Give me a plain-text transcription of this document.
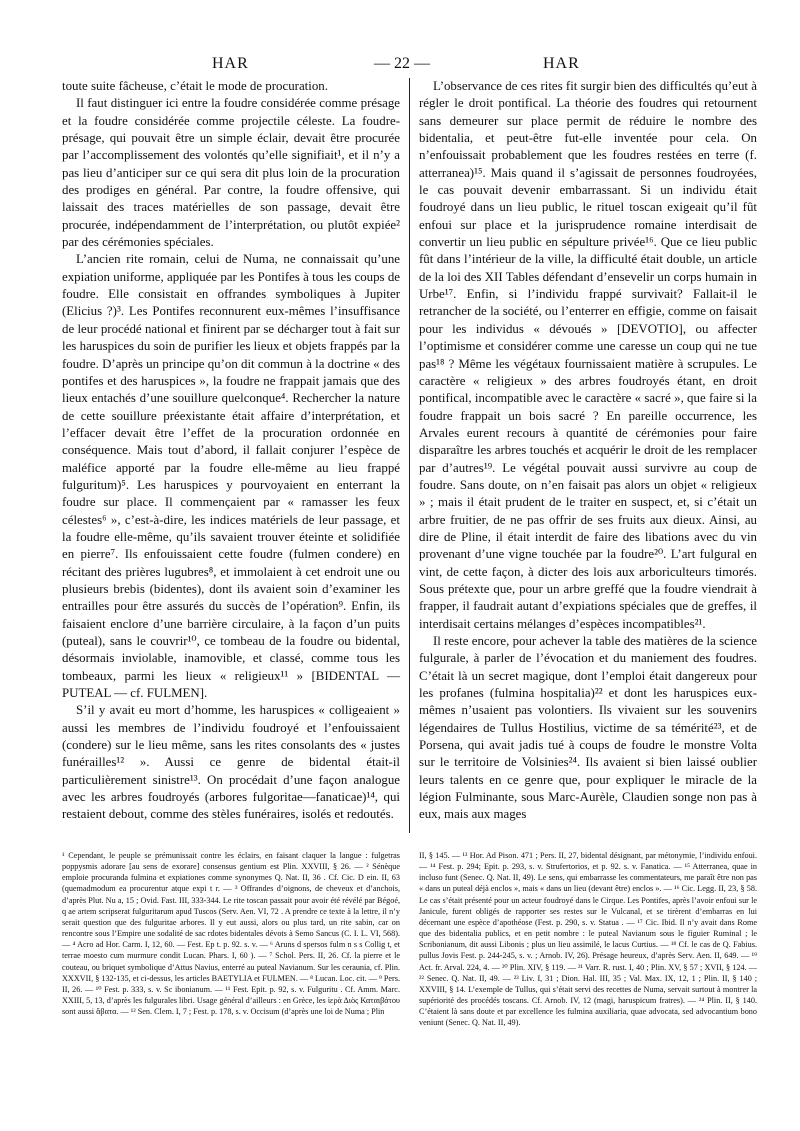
HAR	— 22 —	HAR

toute suite fâcheuse, c’était le mode de procuration.

Il faut distinguer ici entre la foudre considérée comme présage et la foudre considérée comme projectile céleste. La foudre-présage, qui pouvait être un simple éclair, devait être procurée par l’accomplissement des volontés qu’elle signifiait¹, et il n’y a pas lieu d’anticiper sur ce qui sera dit plus loin de la procuration des prodiges en général. Par contre, la foudre offensive, qui laissait des traces matérielles de son passage, devait être procurée, indépendamment de l’interprétation, ou plutôt expiée² par des cérémonies spéciales.

L’ancien rite romain, celui de Numa, ne connaissait qu’une expiation uniforme, appliquée par les Pontifes à tous les coups de foudre. Elle consistait en offrandes symboliques à Jupiter (Elicius ?)³. Les Pontifes reconnurent eux-mêmes l’insuffisance de leur procédé national et finirent par se décharger tout à fait sur les haruspices du soin de purifier les lieux et objets frappés par la foudre. D’après un principe qu’on dit commun à la doctrine « des pontifes et des haruspices », la foudre ne frappait jamais que des lieux entachés d’une souillure quelconque⁴. Rechercher la nature de cette souillure préexistante était affaire d’interprétation, et l’effacer devait être l’effet de la procuration ordonnée en conséquence. Mais tout d’abord, il fallait conjurer l’espèce de maléfice apporté par la foudre elle-même au lieu frappé fulguritum)⁵. Les haruspices y pourvoyaient en enterrant la foudre sur place. Il commençaient par « ramasser les feux célestes⁶ », c’est-à-dire, les indices matériels de leur passage, et la foudre elle-même, qu’ils savaient trouver éteinte et solidifiée en pierre⁷. Ils enfouissaient cette foudre (fulmen condere) en récitant des prières lugubres⁸, et immolaient à cet endroit une ou plusieurs brebis (bidentes), dont ils avaient soin d’examiner les entrailles pour être assurés du succès de l’opération⁹. Enfin, ils faisaient enclore d’une barrière circulaire, à la façon d’un puits (puteal), sans le couvrir¹⁰, ce tombeau de la foudre ou bidental, désormais inviolable, inamovible, et classé, comme tous les tombeaux, parmi les lieux « religieux¹¹ » [BIDENTAL — PUTEAL — cf. FULMEN].

S’il y avait eu mort d’homme, les haruspices « colligeaient » aussi les membres de l’individu foudroyé et l’enfouissaient (condere) sur le lieu même, sans les rites consolants des « justes funérailles¹² ». Aussi ce genre de bidental était-il particulièrement sinistre¹³. On procédait d’une façon analogue avec les arbres foudroyés (arbores fulgoritae—fanaticae)¹⁴, qui restaient debout, comme des stèles funéraires, isolés et redoutés.

L’observance de ces rites fit surgir bien des difficultés qu’eut à régler le droit pontifical. La théorie des foudres qui retournent sans demeurer sur place permit de réduire le nombre des bidentalia, et peut-être fut-elle inventée pour cela. On n’enfouissait probablement que les foudres restées en terre (f. atterranea)¹⁵. Mais quand il s’agissait de personnes foudroyées, le cas pouvait devenir embarrassant. Si un individu était foudroyé dans un lieu public, le rituel toscan exigeait qu’il fût enfoui sur place et la jurisprudence romaine interdisait de convertir un lieu public en sépulture privée¹⁶. Que ce lieu public fût dans l’intérieur de la ville, la difficulté était double, un article de la loi des XII Tables défendant d’ensevelir un corps humain in Urbe¹⁷. Enfin, si l’individu frappé survivait? Fallait-il le retrancher de la société, ou l’enterrer en effigie, comme on faisait pour les individus « dévoués » [DEVOTIO], ou affecter l’optimisme et considérer comme une caresse un coup qui ne tue pas¹⁸ ? Même les végétaux fournissaient matière à scrupules. Le caractère « religieux » des arbres foudroyés étant, en droit pontifical, incompatible avec le caractère « sacré », que faire si la foudre frappait un bois sacré ? En pareille occurrence, les Arvales eurent recours à quantité de cérémonies pour faire disparaître les arbres touchés et acquérir le droit de les remplacer par d’autres¹⁹. Le végétal pouvait aussi survivre au coup de foudre. Sans doute, on n’en faisait pas alors un objet « religieux » ; mais il était prudent de le traiter en suspect, et, si c’était un arbre fruitier, de ne pas offrir de ses fruits aux dieux. Ainsi, au dire de Pline, il était interdit de faire des libations avec du vin provenant d’une vigne touchée par la foudre²⁰. L’art fulgural en vint, de cette façon, à dicter des lois aux arboriculteurs timorés. Sous prétexte que, pour un arbre greffé que la foudre viendrait à frapper, il faudrait autant d’expiations spéciales que de greffes, il interdisait certains mélanges d’espèces incompatibles²¹.

Il reste encore, pour achever la table des matières de la science fulgurale, à parler de l’évocation et du maniement des foudres. C’était là un secret magique, dont l’emploi était dangereux pour les profanes (fulmina hospitalia)²² et dont les haruspices eux-mêmes n’usaient pas volontiers. Ils vivaient sur les souvenirs légendaires de Tullus Hostilius, victime de sa témérité²³, et de Porsena, qui avait jadis tué à coups de foudre le monstre Volta sur le territoire de Volsinies²⁴. Ils avaient si bien laissé oublier leurs talents en ce genre que, pour expliquer le miracle de la légion Fulminante, sous Marc-Aurèle, Claudien songe non pas à eux, mais aux mages

¹ Cependant, le peuple se prémunissait contre les éclairs, en faisant claquer la langue : fulgetras poppysmis adorare [au sens de exorare] consensus gentium est Plin. XXVIII, § 26. — ² Sénèque emploie procuranda fulmina et expiationes comme synonymes Q. Nat. II, 36 . Cf. Cic. D ein. II, 63 (quemadmodum ea procurentur atque expi t r. — ³ Offrandes d’oignons, de cheveux et d’anchois, d’après Plut. Nu a, 15 ; Ovid. Fast. III, 333-344. Le rite toscan passait pour avoir été révélé par Bégoé, q ae artem scripserat fulguritarum apud Tuscos (Serv. Aen. VI, 72 . A prendre ce texte à la lettre, il n’y serait question que des fulguritae arbores. Il y eut aussi, alors ou plus tard, un rite sabin, car on rencontre sous l’Empire une sodalité de sac rdotes bidentales dévots à Semo Sancus (C. I. L. VI, 568). — ⁴ Acro ad Hor. Carm. I, 12, 60. — Fest. Ep t. p. 92. s. v. — ⁶ Aruns d spersos fulm n s s Collig t, et terrae moesto cum murmure condit Lucan. Phars. I, 60 ). — ⁷ Schol. Pers. II, 26. Cf. la pierre et le couteau, ou briquet symbolique d’Attus Navius, enterré au puteal Navianum. Sur les ceraunia, cf. Plin. XXXVII, § 132-135, et ci-dessus, les articles BAETYLIA et FULMEN. — ⁸ Lucan. Loc. cit. — ⁹ Pers. II, 26. — ¹⁰ Fest. p. 333, s. v. Sc ibonianum. — ¹¹ Fest. Epit. p. 92, s. v. Fulguritu . Cf. Amm. Marc. XXIII, 5, 13, d’après les fulgurales libri. Usage général d’ailleurs : en Grèce, les ἱερὰ Διὸς Καταιβάτου sont aussi ἄβατα. — ¹² Sen. Clem. I, 7 ; Fest. p. 178, s. v. Occisum (d’après une loi de Numa ; Plin

II, § 145. — ¹³ Hor. Ad Pison. 471 ; Pers. II, 27, bidental désignant, par métonymie, l’individu enfoui. — ¹⁴ Fest. p. 294; Epit. p. 293, s. v. Strufertorios, et p. 92. s. v. Fanatica. — ¹⁵ Atterranea, quae in incluso funt (Senec. Q. Nat. II, 49). Le sens, qui embarrasse les commentateurs, me paraît être non pas « dans un puteal déjà enclos », mais « dans un lieu (devant être) enclos ». — ¹⁶ Cic. Legg. II, 23, § 58. Le cas s’était présenté pour un acteur foudroyé dans le Cirque. Les Pontifes, après l’avoir enfoui sur le Janicule, furent obligés de rapporter ses restes sur le Vulcanal, et se tirèrent d’embarras en lui décernant une espèce d’apothéose (Fest. p. 290, s. v. Statua . — ¹⁷ Cic. Ibid. Il n’y avait dans Rome que des bidentalia publics, et en petit nombre : le puteal Navianum sous le figuier Ruminal ; le Scribonianum, dit aussi Libonis ; plus un lieu assimilé, le lacus Curtius. — ¹⁸ Cf. le cas de Q. Fabius. pullus Jovis Fest. p. 244-245, s. v. ; Arnob. IV, 26). Présage heureux, d’après Serv. Aen. II, 649. — ¹⁹ Act. fr. Arval. 224, 4. — ²⁰ Plin. XIV, § 119. — ²¹ Varr. R. rust. I, 40 ; Plin. XV, § 57 ; XVII, § 124. — ²² Senec. Q. Nat. II, 49. — ²³ Liv. I, 31 ; Dion. Hal. III, 35 ; Val. Max. IX, 12, 1 ; Plin. II, § 140 ; XXVIII, § 14. L’exemple de Tullus, qui s’était servi des recettes de Numa, servait surtout à montrer la supériorité des procédés toscans. Cf. Arnob. IV, 12 (magi, haruspicum fratres). — ²⁴ Plin. II, § 140. C’étaient là sans doute et par excellence les fulmina auxiliaria, quae advocata, sed advocantium bono veniunt (Senec. Q. Nat. II, 49).
